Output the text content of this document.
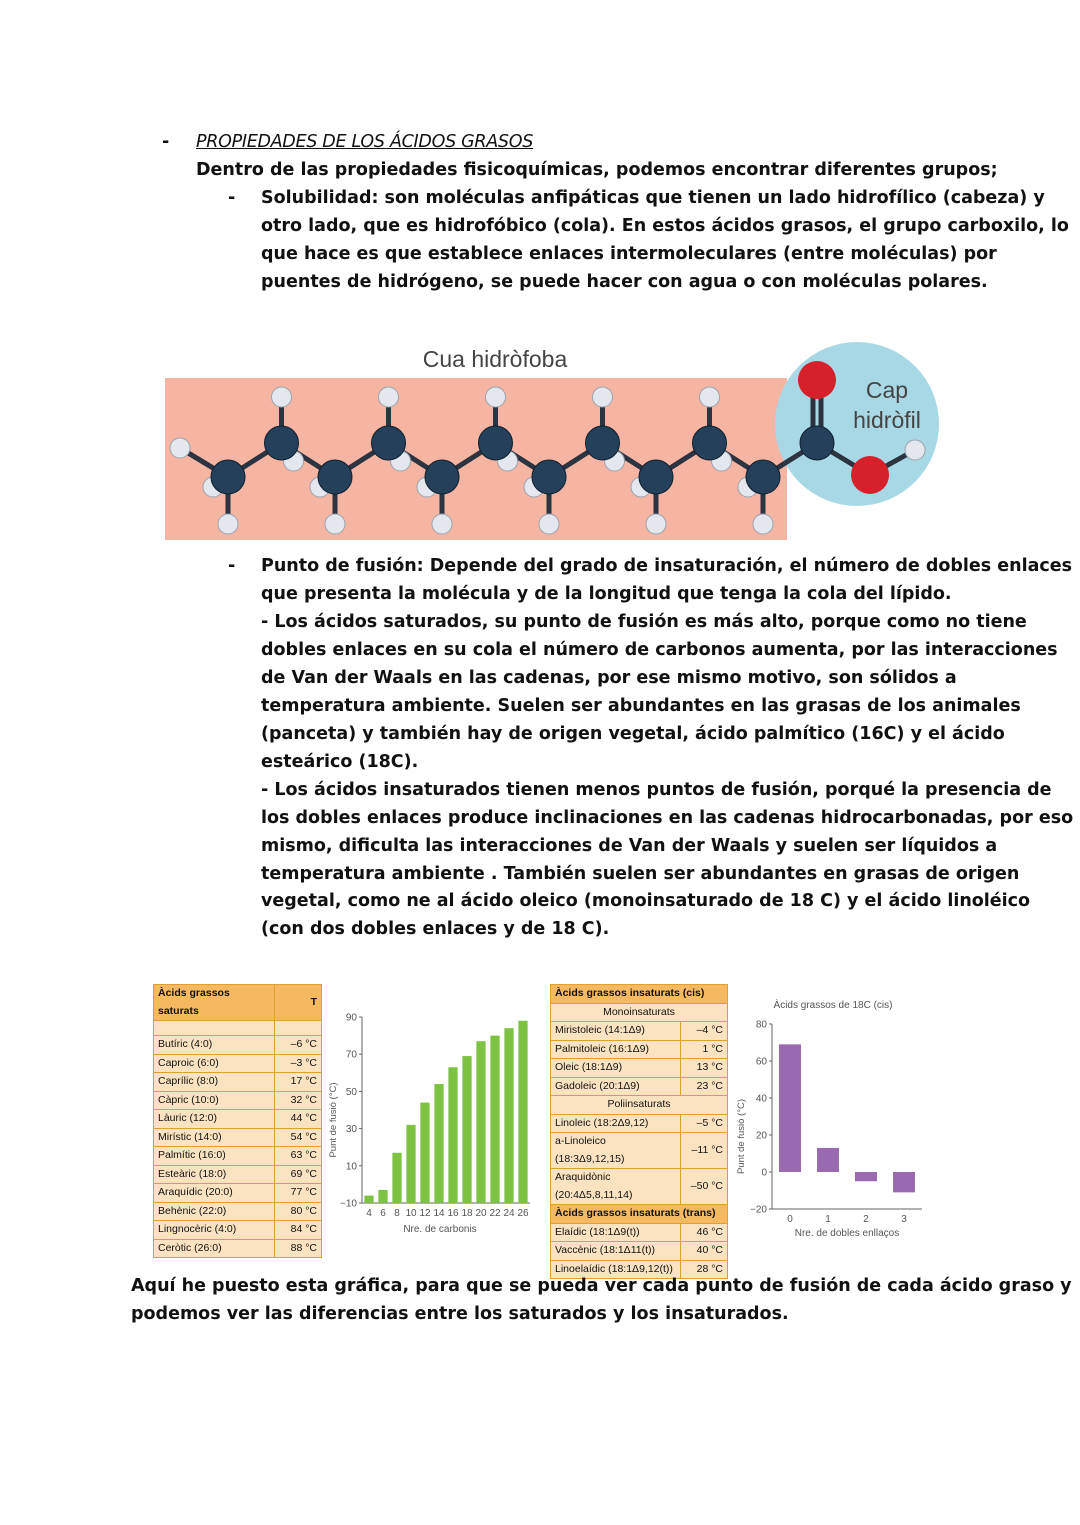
- PROPIEDADES DE LOS ÁCIDOS GRASOS
Dentro de las propiedades fisicoquímicas, podemos encontrar diferentes grupos;
- Solubilidad: son moléculas anfipáticas que tienen un lado hidrofílico (cabeza) y
otro lado, que es hidrofóbico (cola). En estos ácidos grasos, el grupo carboxilo, lo
que hace es que establece enlaces intermoleculares (entre moléculas) por
puentes de hidrógeno, se puede hacer con agua o con moléculas polares.
Cua hidròfoba
Cap
hidròfil
- Punto de fusión: Depende del grado de insaturación, el número de dobles enlaces
que presenta la molécula y de la longitud que tenga la cola del lípido.
- Los ácidos saturados, su punto de fusión es más alto, porque como no tiene
dobles enlaces en su cola el número de carbonos aumenta, por las interacciones
de Van der Waals en las cadenas, por ese mismo motivo, son sólidos a
temperatura ambiente. Suelen ser abundantes en las grasas de los animales
(panceta) y también hay de origen vegetal, ácido palmítico (16C) y el ácido
esteárico (18C).
- Los ácidos insaturados tienen menos puntos de fusión, porqué la presencia de
los dobles enlaces produce inclinaciones en las cadenas hidrocarbonadas, por eso
mismo, dificulta las interacciones de Van der Waals y suelen ser líquidos a
temperatura ambiente . También suelen ser abundantes en grasas de origen
vegetal, como ne al ácido oleico (monoinsaturado de 18 C) y el ácido linoléico
(con dos dobles enlaces y de 18 C).
Àcids grassos saturats	T

Butíric (4:0)	–6 °C
Caproic (6:0)	–3 °C
Caprílic (8:0)	17 °C
Càpric (10:0)	32 °C
Làuric (12:0)	44 °C
Mirístic (14:0)	54 °C
Palmític (16:0)	63 °C
Esteàric (18:0)	69 °C
Araquídic (20:0)	77 °C
Behènic (22:0)	80 °C
Lingnocèric (4:0)	84 °C
Ceròtic (26:0)	88 °C
−10
10
30
50
70
90
4 6 8 10 12 14 16 18 20 22 24 26
Nre. de carbonis
Punt de fusió (°C)
Àcids grassos insaturats (cis)	
Monoinsaturats	
Miristoleic (14:1Δ9)	–4 °C
Palmitoleic (16:1Δ9)	1 °C
Oleic (18:1Δ9)	13 °C
Gadoleic (20:1Δ9)	23 °C
Poliinsaturats	
Linoleic (18:2Δ9,12)	–5 °C
a-Linoleico (18:3Δ9,12,15)	–11 °C
Araquidònic (20:4Δ5,8,11,14)	–50 °C
Àcids grassos insaturats (trans)	
Elaídic (18:1Δ9(t))	46 °C
Vaccènic (18:1Δ11(t))	40 °C
Linoelaídic (18:1Δ9,12(t))	28 °C
Àcids grassos de 18C (cis)
−20
0
20
40
60
80
0	1	2	3
Nre. de dobles enllaços
Punt de fusió (°C)
Aquí he puesto esta gráfica, para que se pueda ver cada punto de fusión de cada ácido graso y
podemos ver las diferencias entre los saturados y los insaturados.
